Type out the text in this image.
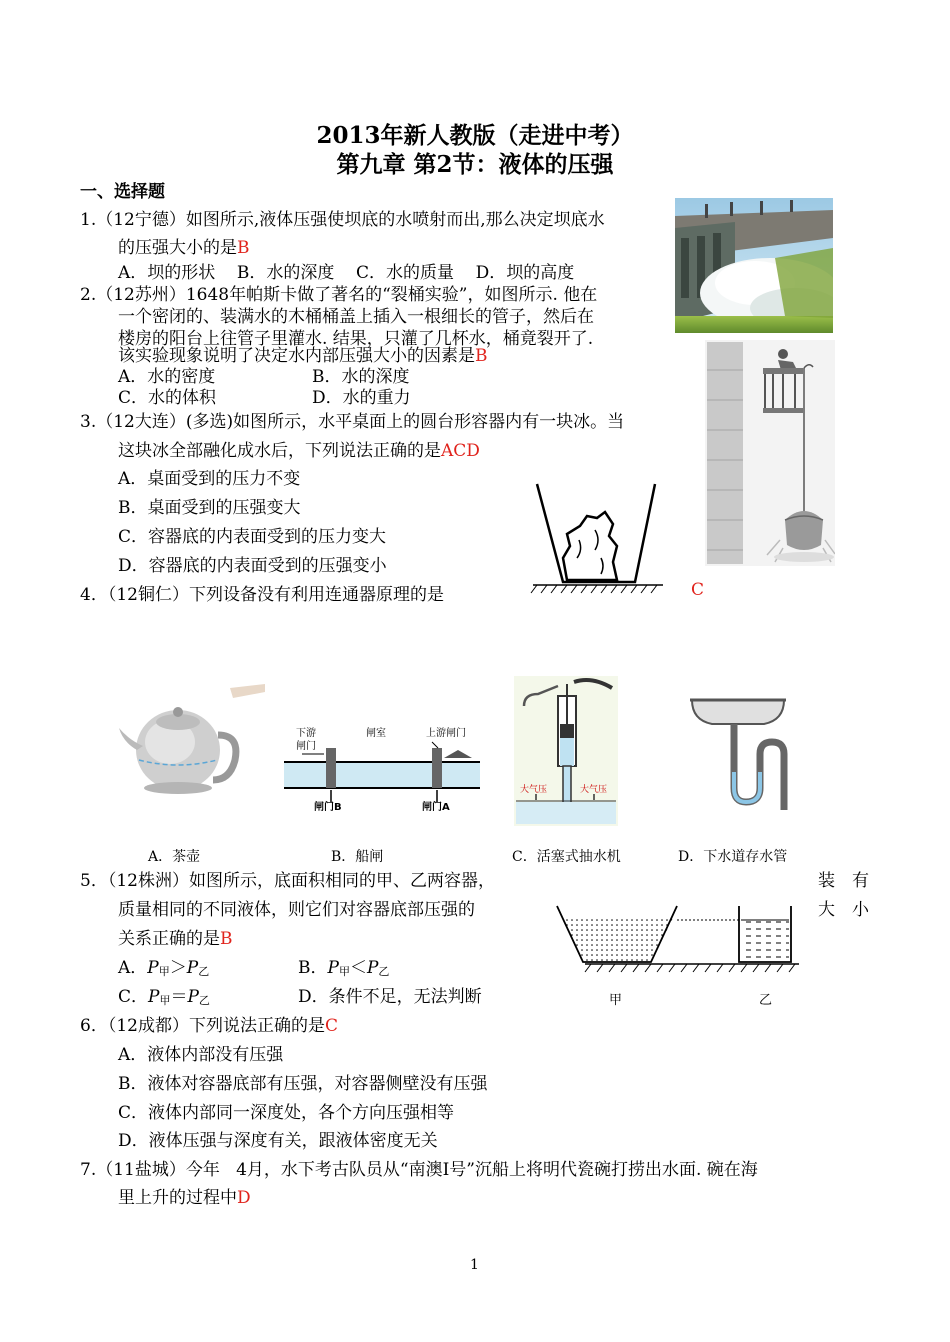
2013年新人教版（走进中考）
第九章 第2节：液体的压强
一、选择题
1.（12宁德）如图所示,液体压强使坝底的水喷射而出,那么决定坝底水
的压强大小的是B
A．坝的形状    B．水的深度    C．水的质量    D．坝的高度
2.（12苏州）1648年帕斯卡做了著名的“裂桶实验”，如图所示. 他在
一个密闭的、装满水的木桶桶盖上插入一根细长的管子，然后在
楼房的阳台上往管子里灌水. 结果，只灌了几杯水，桶竟裂开了.
该实验现象说明了决定水内部压强大小的因素是B
A．水的密度	B．水的深度
C．水的体积	D．水的重力
3.（12大连）(多选)如图所示，水平桌面上的圆台形容器内有一块冰。当
这块冰全部融化成水后，下列说法正确的是ACD
A．桌面受到的压力不变
B．桌面受到的压强变大
C．容器底的内表面受到的压力变大
D．容器底的内表面受到的压强变小
4．（12铜仁）下列设备没有利用连通器原理的是	C
下游
闸门
闸室	上游闸门
闸门B	闸门A
大气压	大气压
A．茶壶	B．船闸	C．活塞式抽水机	D．下水道存水管
5．（12株洲）如图所示，底面积相同的甲、乙两容器，	装 有
质量相同的不同液体，则它们对容器底部压强的	大 小
关系正确的是B
A．P甲＞P乙	B．P甲＜P乙
C．P甲＝P乙	D．条件不足，无法判断	甲	乙
6．（12成都）下列说法正确的是C
A．液体内部没有压强
B．液体对容器底部有压强，对容器侧壁没有压强
C．液体内部同一深度处，各个方向压强相等
D．液体压强与深度有关，跟液体密度无关
7.（11盐城）今年   4月，水下考古队员从“南澳Ⅰ号”沉船上将明代瓷碗打捞出水面. 碗在海
里上升的过程中D
1
